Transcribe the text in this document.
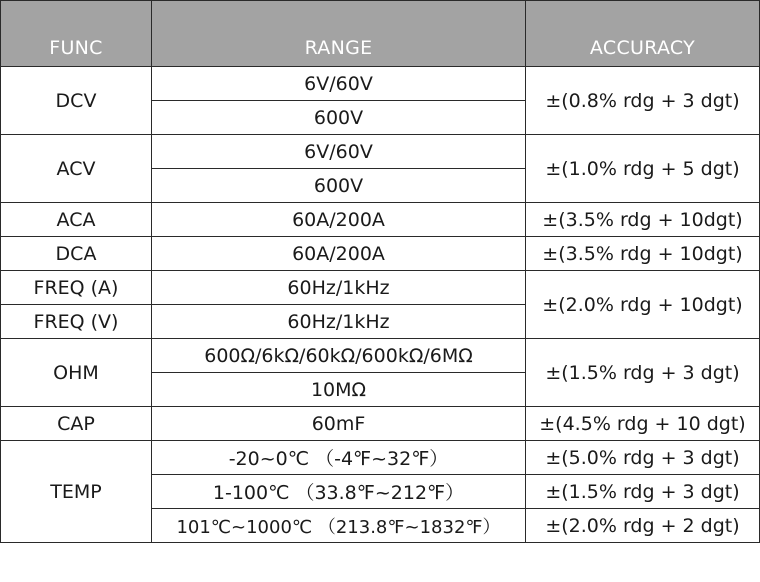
FUNC	RANGE	ACCURACY
DCV	6V/60V	±(0.8% rdg + 3 dgt)
	600V	
ACV	6V/60V	±(1.0% rdg + 5 dgt)
	600V	
ACA	60A/200A	±(3.5% rdg + 10dgt)
DCA	60A/200A	±(3.5% rdg + 10dgt)
FREQ (A)	60Hz/1kHz	±(2.0% rdg + 10dgt)
FREQ (V)	60Hz/1kHz	
OHM	600Ω/6kΩ/60kΩ/600kΩ/6MΩ	±(1.5% rdg + 3 dgt)
	10MΩ	
CAP	60mF	±(4.5% rdg + 10 dgt)
TEMP	-20~0℃ （-4℉~32℉）	±(5.0% rdg + 3 dgt)
	1-100℃ （33.8℉~212℉）	±(1.5% rdg + 3 dgt)
	101℃~1000℃ （213.8℉~1832℉）	±(2.0% rdg + 2 dgt)
